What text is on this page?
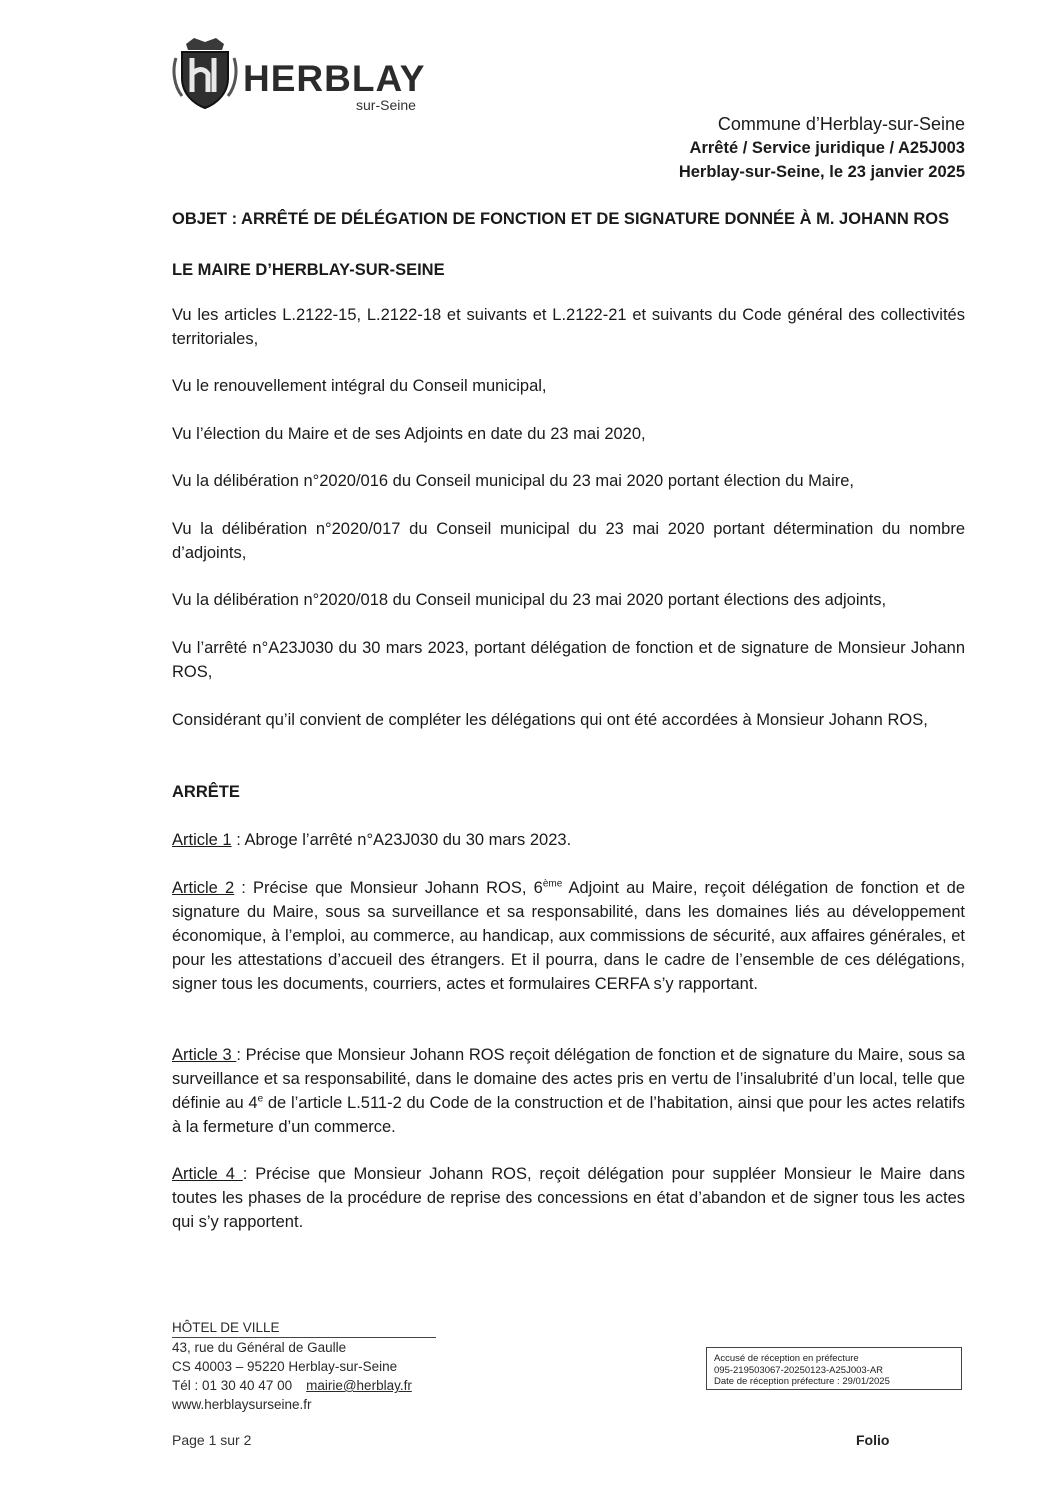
HERBLAY
sur-Seine
Commune d’Herblay-sur-Seine
Arrêté / Service juridique / A25J003
Herblay-sur-Seine, le 23 janvier 2025
OBJET : ARRÊTÉ DE DÉLÉGATION DE FONCTION ET DE SIGNATURE DONNÉE À M. JOHANN ROS
LE MAIRE D’HERBLAY-SUR-SEINE
Vu les articles L.2122-15, L.2122-18 et suivants et L.2122-21 et suivants du Code général des collectivités territoriales,
Vu le renouvellement intégral du Conseil municipal,
Vu l’élection du Maire et de ses Adjoints en date du 23 mai 2020,
Vu la délibération n°2020/016 du Conseil municipal du 23 mai 2020 portant élection du Maire,
Vu la délibération n°2020/017 du Conseil municipal du 23 mai 2020 portant détermination du nombre d’adjoints,
Vu la délibération n°2020/018 du Conseil municipal du 23 mai 2020 portant élections des adjoints,
Vu l’arrêté n°A23J030 du 30 mars 2023, portant délégation de fonction et de signature de Monsieur Johann ROS,
Considérant qu’il convient de compléter les délégations qui ont été accordées à Monsieur Johann ROS,
ARRÊTE
Article 1 : Abroge l’arrêté n°A23J030 du 30 mars 2023.
Article 2 : Précise que Monsieur Johann ROS, 6ème Adjoint au Maire, reçoit délégation de fonction et de signature du Maire, sous sa surveillance et sa responsabilité, dans les domaines liés au développement économique, à l’emploi, au commerce, au handicap, aux commissions de sécurité, aux affaires générales, et pour les attestations d’accueil des étrangers. Et il pourra, dans le cadre de l’ensemble de ces délégations, signer tous les documents, courriers, actes et formulaires CERFA s’y rapportant.
Article 3 : Précise que Monsieur Johann ROS reçoit délégation de fonction et de signature du Maire, sous sa surveillance et sa responsabilité, dans le domaine des actes pris en vertu de l’insalubrité d’un local, telle que définie au 4e de l’article L.511-2 du Code de la construction et de l’habitation, ainsi que pour les actes relatifs à la fermeture d’un commerce.
Article 4 : Précise que Monsieur Johann ROS, reçoit délégation pour suppléer Monsieur le Maire dans toutes les phases de la procédure de reprise des concessions en état d’abandon et de signer tous les actes qui s’y rapportent.
HÔTEL DE VILLE
43, rue du Général de Gaulle
CS 40003 – 95220 Herblay-sur-Seine
Tél : 01 30 40 47 00 mairie@herblay.fr
www.herblaysurseine.fr
Accusé de réception en préfecture
095-219503067-20250123-A25J003-AR
Date de réception préfecture : 29/01/2025
Page 1 sur 2	Folio
